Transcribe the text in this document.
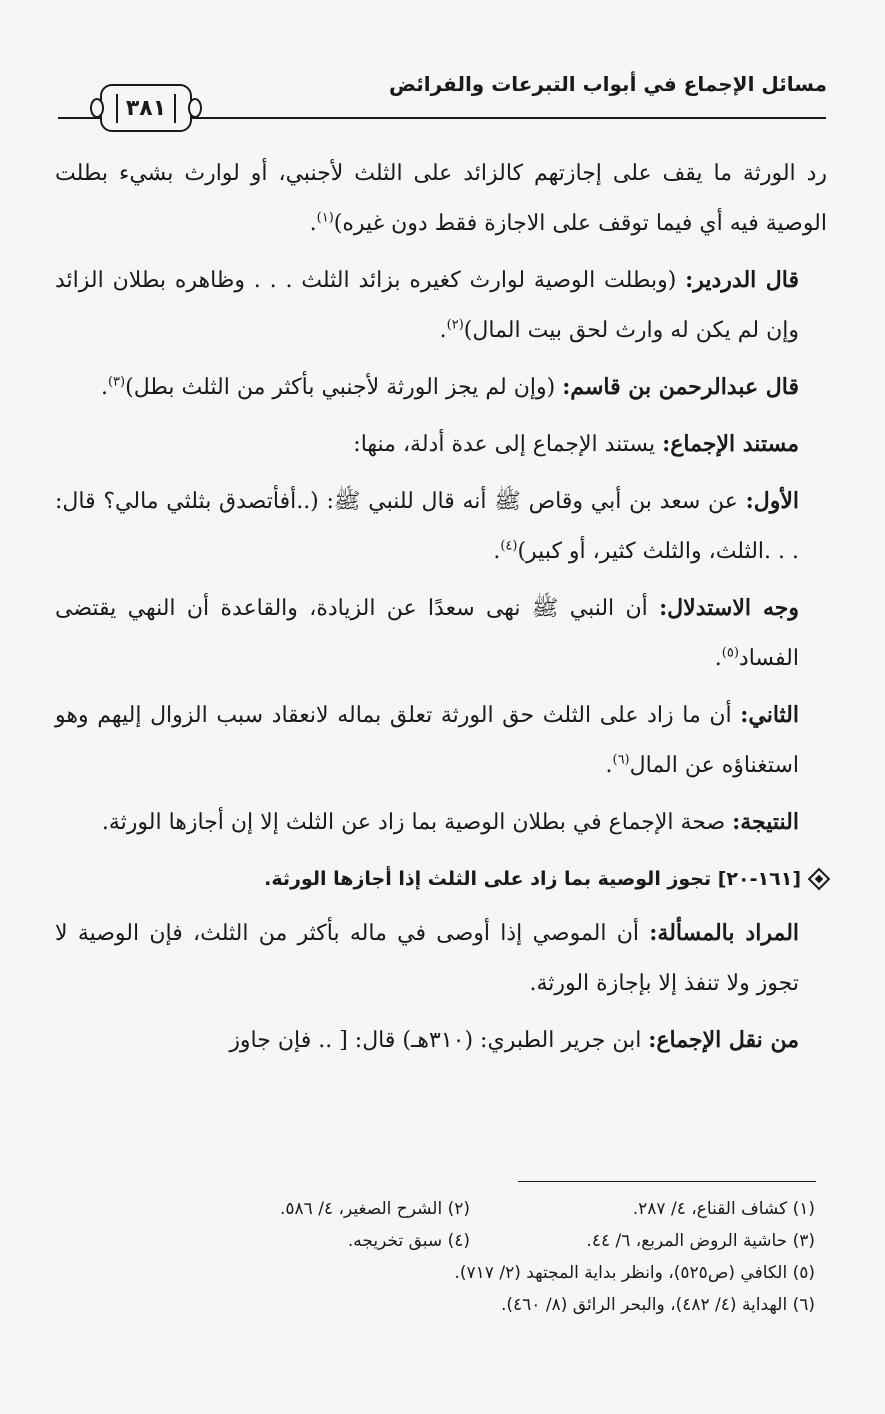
مسائل الإجماع في أبواب التبرعات والفرائض
٣٨١

رد الورثة ما يقف على إجازتهم كالزائد على الثلث لأجنبي، أو لوارث بشيء بطلت الوصية فيه أي فيما توقف على الاجازة فقط دون غيره)$^{(١)}$.

قال الدردير: (وبطلت الوصية لوارث كغيره بزائد الثلث . . . وظاهره بطلان الزائد وإن لم يكن له وارث لحق بيت المال)$^{(٢)}$.

قال عبدالرحمن بن قاسم: (وإن لم يجز الورثة لأجنبي بأكثر من الثلث بطل)$^{(٣)}$.

مستند الإجماع: يستند الإجماع إلى عدة أدلة، منها:

الأول: عن سعد بن أبي وقاص ﷺ أنه قال للنبي ﷺ: (..أفأتصدق بثلثي مالي؟ قال: . . .الثلث، والثلث كثير، أو كبير)$^{(٤)}$.

وجه الاستدلال: أن النبي ﷺ نهى سعدًا عن الزيادة، والقاعدة أن النهي يقتضى الفساد$^{(٥)}$.

الثاني: أن ما زاد على الثلث حق الورثة تعلق بماله لانعقاد سبب الزوال إليهم وهو استغناؤه عن المال$^{(٦)}$.

النتيجة: صحة الإجماع في بطلان الوصية بما زاد عن الثلث إلا إن أجازها الورثة.

[١٦١-٢٠] تجوز الوصية بما زاد على الثلث إذا أجازها الورثة.

المراد بالمسألة: أن الموصي إذا أوصى في ماله بأكثر من الثلث، فإن الوصية لا تجوز ولا تنفذ إلا بإجازة الورثة.

من نقل الإجماع: ابن جرير الطبري: (٣١٠هـ) قال: [ .. فإن جاوز

(١) كشاف القناع، ٤/ ٢٨٧.
(٢) الشرح الصغير، ٤/ ٥٨٦.
(٣) حاشية الروض المربع، ٦/ ٤٤.
(٤) سبق تخريجه.
(٥) الكافي (ص٥٢٥)، وانظر بداية المجتهد (٢/ ٧١٧).
(٦) الهداية (٤/ ٤٨٢)، والبحر الرائق (٨/ ٤٦٠).
